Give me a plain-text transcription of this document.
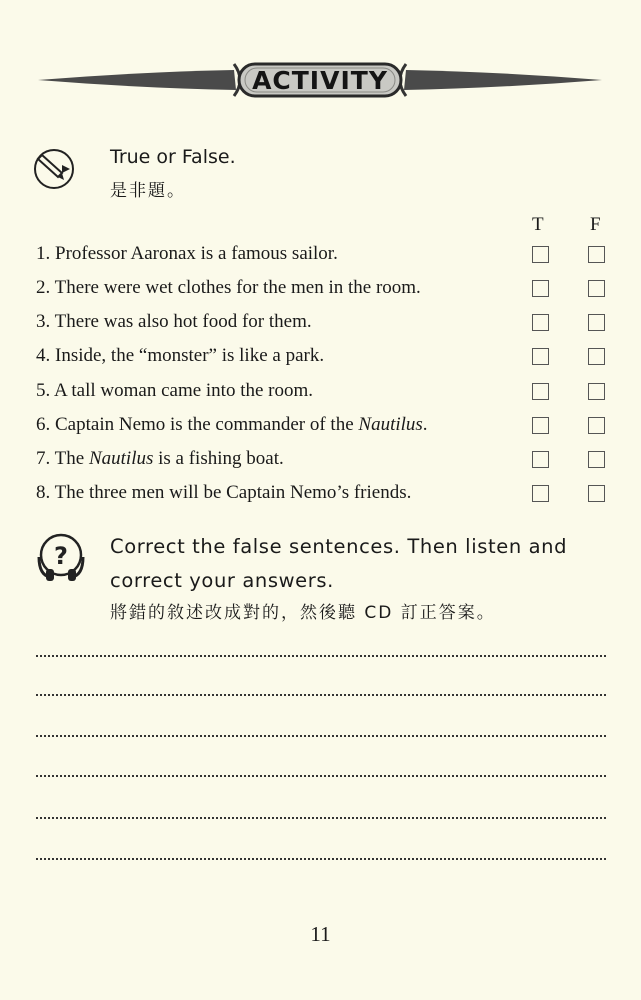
ACTIVITY
True or False.
是非題。
T F
1. Professor Aaronax is a famous sailor.
2. There were wet clothes for the men in the room.
3. There was also hot food for them.
4. Inside, the “monster” is like a park.
5. A tall woman came into the room.
6. Captain Nemo is the commander of the Nautilus.
7. The Nautilus is a fishing boat.
8. The three men will be Captain Nemo’s friends.
? Correct the false sentences. Then listen and correct your answers.
將錯的敘述改成對的，然後聽 CD 訂正答案。
11
